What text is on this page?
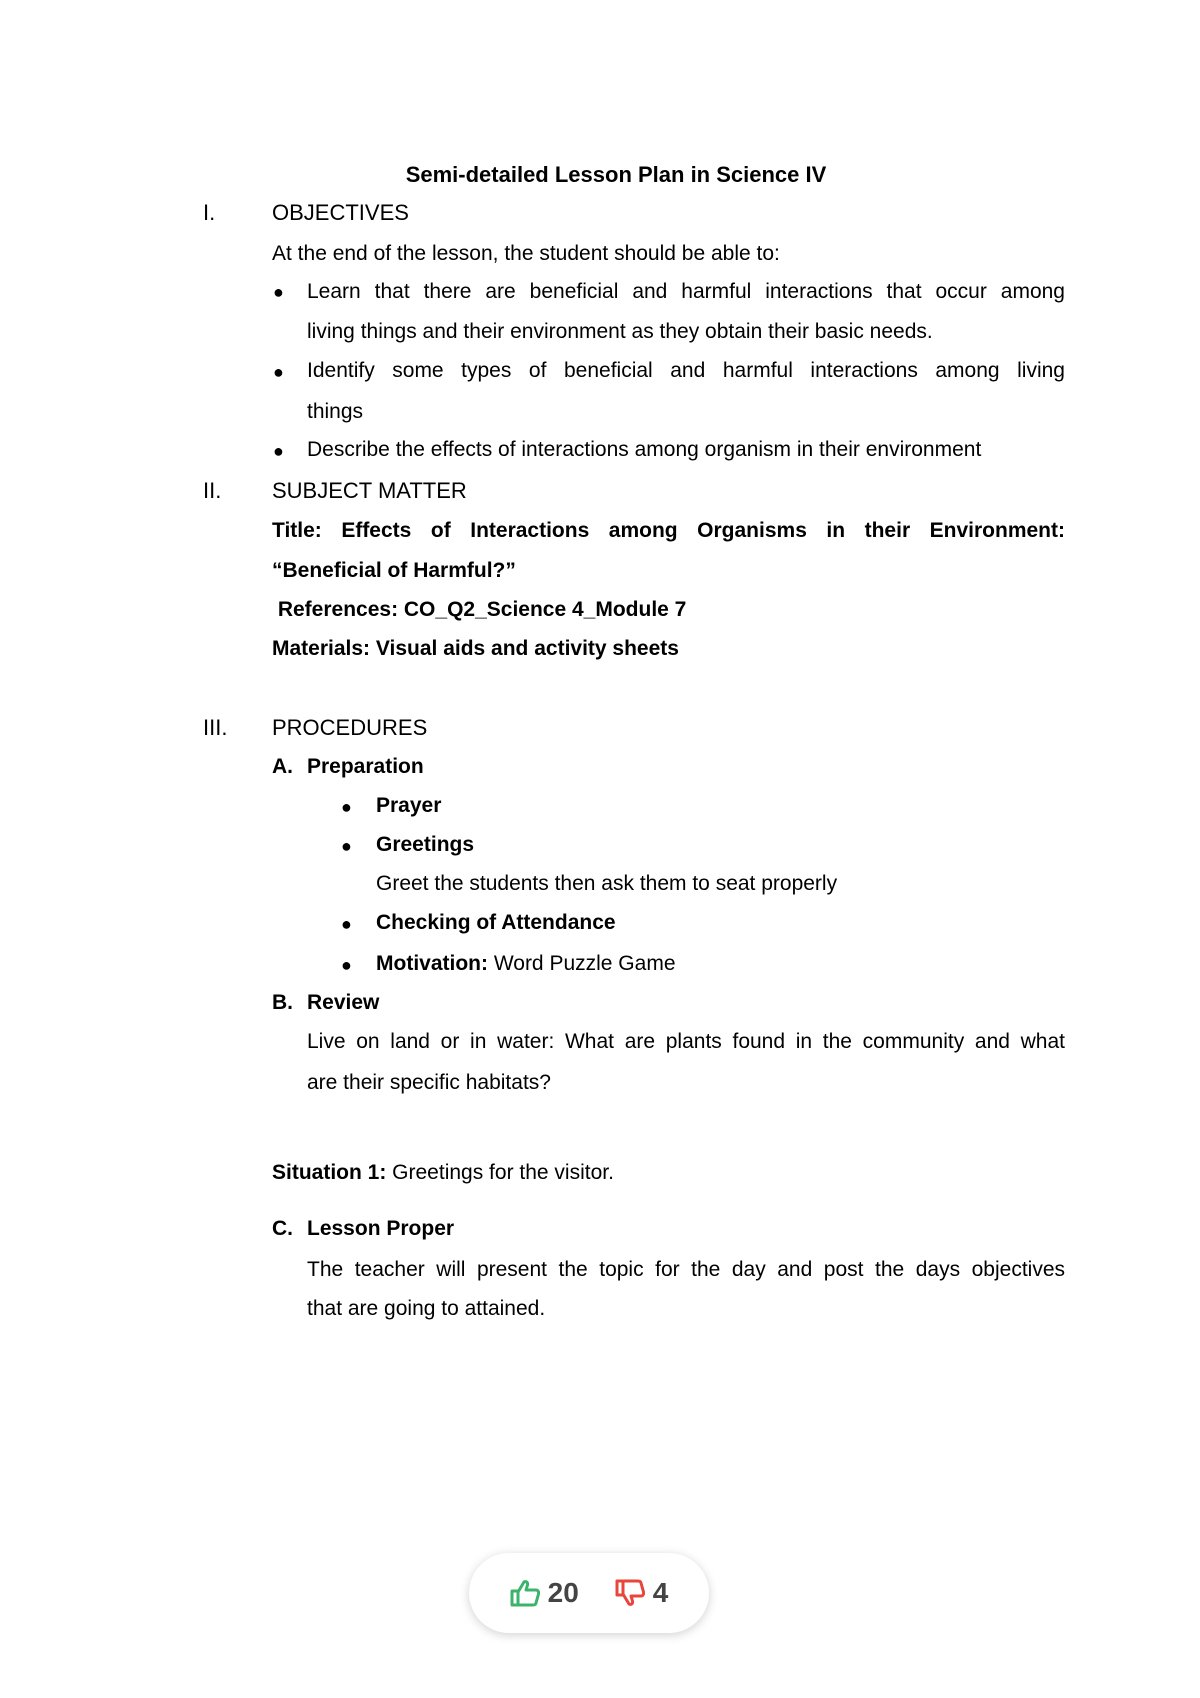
Semi-detailed Lesson Plan in Science IV
I.	OBJECTIVES
At the end of the lesson, the student should be able to:
● Learn that there are beneficial and harmful interactions that occur among
living things and their environment as they obtain their basic needs.
● Identify some types of beneficial and harmful interactions among living
things
● Describe the effects of interactions among organism in their environment
II. SUBJECT MATTER
Title: Effects of Interactions among Organisms in their Environment:
“Beneficial of Harmful?”
References: CO_Q2_Science 4_Module 7
Materials: Visual aids and activity sheets
III. PROCEDURES
A. Preparation
● Prayer
● Greetings
Greet the students then ask them to seat properly
● Checking of Attendance
● Motivation: Word Puzzle Game
B. Review
Live on land or in water: What are plants found in the community and what
are their specific habitats?
Situation 1: Greetings for the visitor.
C. Lesson Proper
The teacher will present the topic for the day and post the days objectives
that are going to attained.
20	4
